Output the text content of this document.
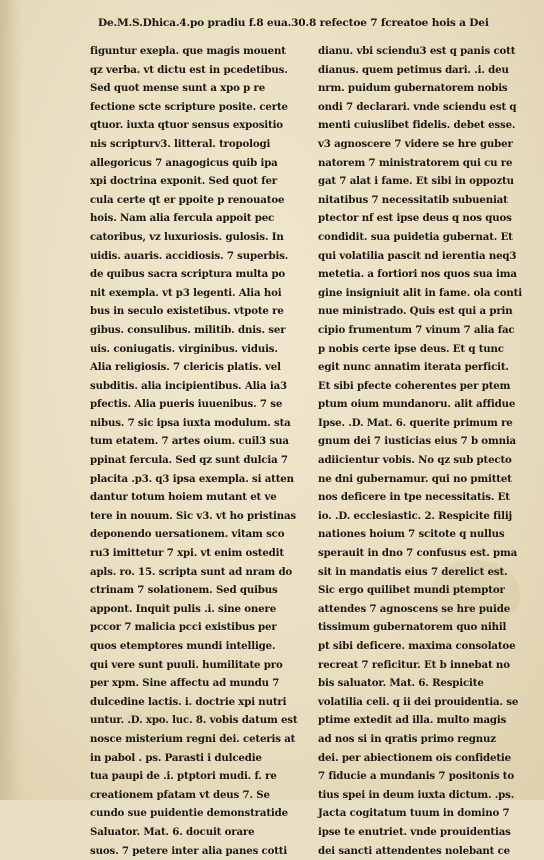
De.M.S.Dhica.4.po pradiu f.8 eua.30.8 refectoe 7 fcreatoe hois a Dei
figuntur exepla. que magis mouent
qz verba. vt dictu est in pcedetibus.
Sed quot mense sunt a xpo p re
fectione scte scripture posite. certe
qtuor. iuxta qtuor sensus expositio
nis scripturv3. litteral. tropologi
allegoricus 7 anagogicus quib ipa
xpi doctrina exponit. Sed quot fer
cula certe qt er ppoite p renouatoe
hois. Nam alia fercula appoit pec
catoribus, vz luxuriosis. gulosis. In
uidis. auaris. accidiosis. 7 superbis.
de quibus sacra scriptura multa po
nit exempla. vt p3 legenti. Alia hoi
bus in seculo existetibus. vtpote re
gibus. consulibus. militib. dnis. ser
uis. coniugatis. virginibus. viduis.
Alia religiosis. 7 clericis platis. vel
subditis. alia incipientibus. Alia ia3
pfectis. Alia pueris iuuenibus. 7 se
nibus. 7 sic ipsa iuxta modulum. sta
tum etatem. 7 artes oium. cuil3 sua
ppinat fercula. Sed qz sunt dulcia 7
placita .p3. q3 ipsa exempla. si atten
dantur totum hoiem mutant et ve
tere in nouum. Sic v3. vt ho pristinas
deponendo uersationem. vitam sco
ru3 imittetur 7 xpi. vt enim ostedit
apls. ro. 15. scripta sunt ad nram do
ctrinam 7 solationem. Sed quibus
appont. Inquit pulis .i. sine onere
pccor 7 malicia pcci existibus per
quos etemptores mundi intellige.
qui vere sunt puuli. humilitate pro
per xpm. Sine affectu ad mundu 7
dulcedine lactis. i. doctrie xpi nutri
untur. .D. xpo. luc. 8. vobis datum est
nosce misterium regni dei. ceteris at
in pabol . ps. Parasti i dulcedie
tua paupi de .i. ptptori mudi. f. re
creationem pfatam vt deus 7. Se
cundo sue puidentie demonstratide
Saluator. Mat. 6. docuit orare
suos. 7 petere inter alia panes cotti
dianu. vbi sciendu3 est q panis cott
dianus. quem petimus dari. .i. deu
nrm. puidum gubernatorem nobis
ondi 7 declarari. vnde sciendu est q
menti cuiuslibet fidelis. debet esse.
v3 agnoscere 7 videre se hre guber
natorem 7 ministratorem qui cu re
gat 7 alat i fame. Et sibi in oppoztu
nitatibus 7 necessitatib subueniat
ptector nf est ipse deus q nos quos
condidit. sua puidetia gubernat. Et
qui volatilia pascit nd ierentia neq3
metetia. a fortiori nos quos sua ima
gine insigniuit alit in fame. ola conti
nue ministrado. Quis est qui a prin
cipio frumentum 7 vinum 7 alia fac
p nobis certe ipse deus. Et q tunc
egit nunc annatim iterata perficit.
Et sibi pfecte coherentes per ptem
ptum oium mundanoru. alit affidue
Ipse. .D. Mat. 6. querite primum re
gnum dei 7 iusticias eius 7 b omnia
adiicientur vobis. No qz sub ptecto
ne dni gubernamur. qui no pmittet
nos deficere in tpe necessitatis. Et
io. .D. ecclesiastic. 2. Respicite filij
nationes hoium 7 scitote q nullus
sperauit in dno 7 confusus est. pma
sit in mandatis eius 7 derelict est.
Sic ergo quilibet mundi ptemptor
attendes 7 agnoscens se hre puide
tissimum gubernatorem quo nihil
pt sibi deficere. maxima consolatoe
recreat 7 reficitur. Et b innebat no
bis saluator. Mat. 6. Respicite
volatilia celi. q ii dei prouidentia. se
ptime extedit ad illa. multo magis
ad nos si in qratis primo regnuz
dei. per abiectionem ois confidetie
7 fiducie a mundanis 7 positonis to
tius spei in deum iuxta dictum. .ps.
Jacta cogitatum tuum in domino 7
ipse te enutriet. vnde prouidentias
dei sancti attendentes nolebant ce
